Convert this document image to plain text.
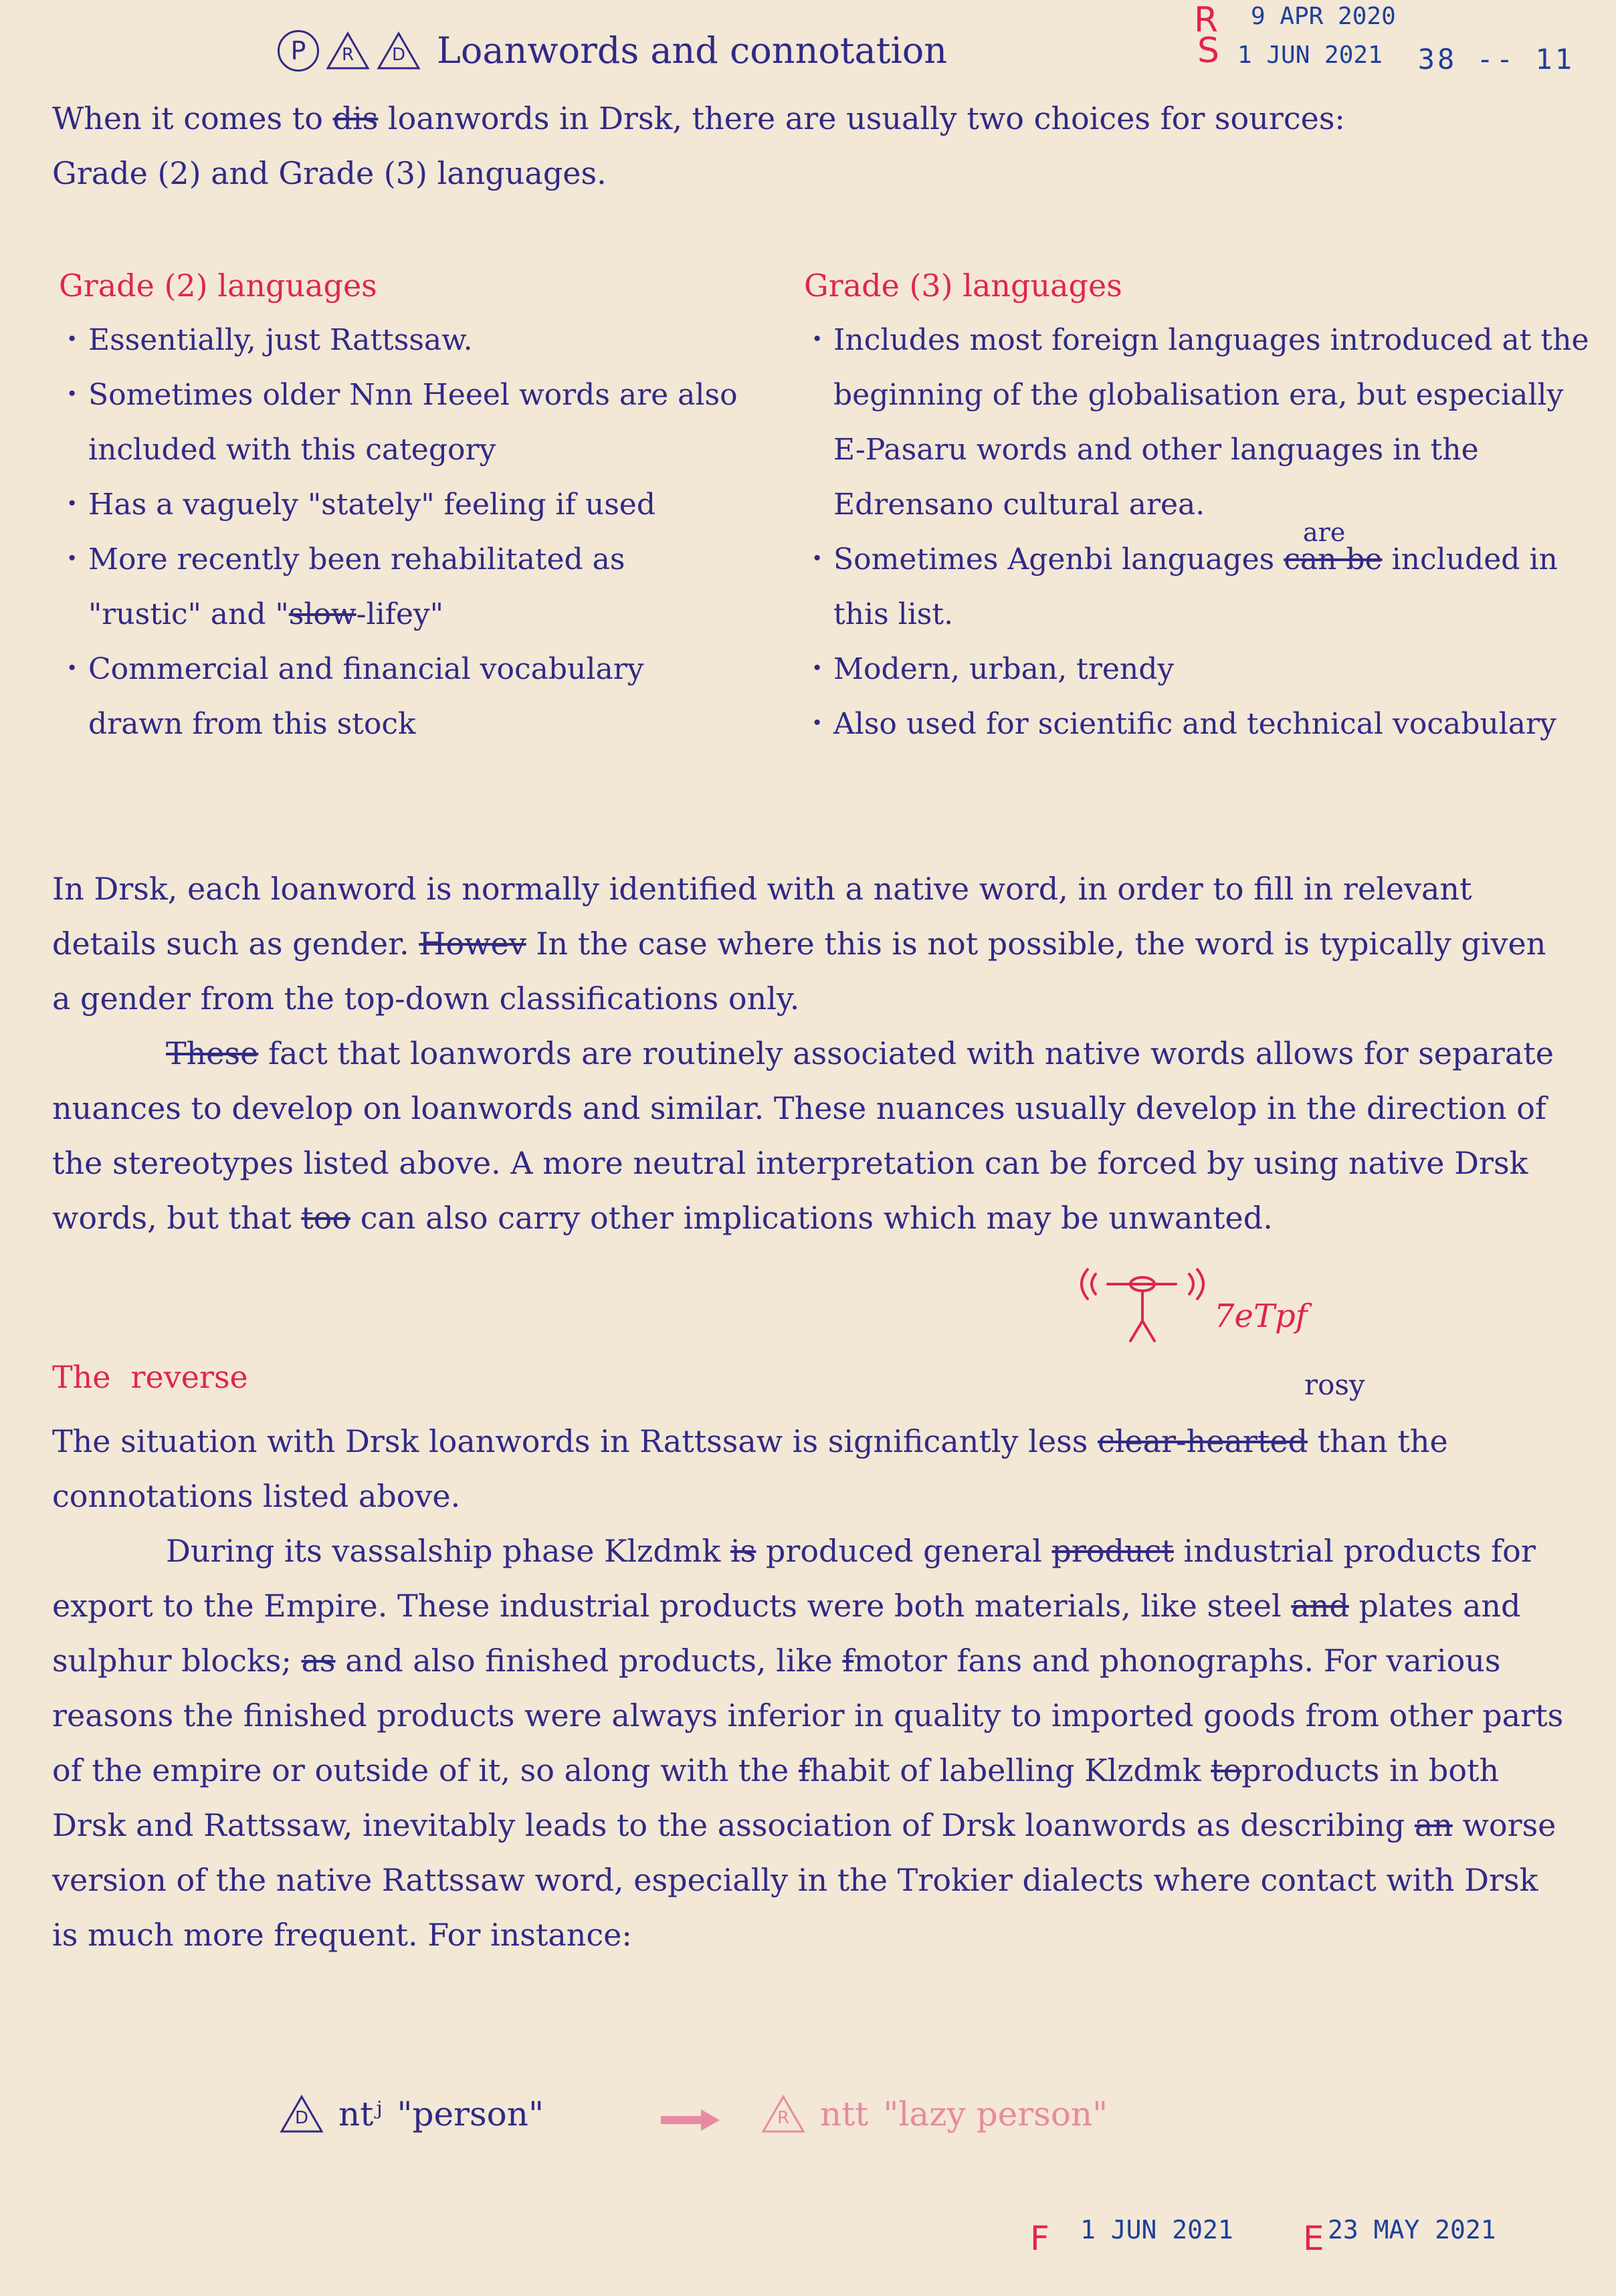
P	R	D Loanwords and connotation
R
S
9 APR 2020
1 JUN 2021 38 -- 11

When it comes to dis loanwords in Drsk, there are usually two choices for sources:
Grade (2) and Grade (3) languages.

Grade (2) languages
· Essentially, just Rattssaw.
· Sometimes older Nnn Heeel words are also included with this category
· Has a vaguely "stately" feeling if used
· More recently been rehabilitated as "rustic" and "slow-lifey"
· Commercial and financial vocabulary drawn from this stock
Grade (3) languages
· Includes most foreign languages introduced at the beginning of the globalisation era, but especially E-Pasaru words and other languages in the Edrensano cultural area.
· Sometimes Agenbi languages can be included in this list.
· Modern, urban, trendy
· Also used for scientific and technical vocabulary
are

In Drsk, each loanword is normally identified with a native word, in order to fill in relevant details such as gender. Howev In the case where this is not possible, the word is typically given a gender from the top-down classifications only.

These fact that loanwords are routinely associated with native words allows for separate nuances to develop on loanwords and similar. These nuances usually develop in the direction of the stereotypes listed above. A more neutral interpretation can be forced by using native Drsk words, but that too can also carry other implications which may be unwanted.

7eTpf
The reverse	rosy

The situation with Drsk loanwords in Rattssaw is significantly less clear-hearted than the connotations listed above.

During its vassalship phase Klzdmk is produced general product industrial products for export to the Empire. These industrial products were both materials, like steel and plates and sulphur blocks; as and also finished products, like fmotor fans and phonographs. For various reasons the finished products were always inferior in quality to imported goods from other parts of the empire or outside of it, so along with the fhabit of labelling Klzdmk toproducts in both Drsk and Rattssaw, inevitably leads to the association of Drsk loanwords as describing an worse version of the native Rattssaw word, especially in the Trokier dialects where contact with Drsk is much more frequent. For instance:

D ntʲ "person"	R ntt "lazy person"
F 1 JUN 2021 E 23 MAY 2021
